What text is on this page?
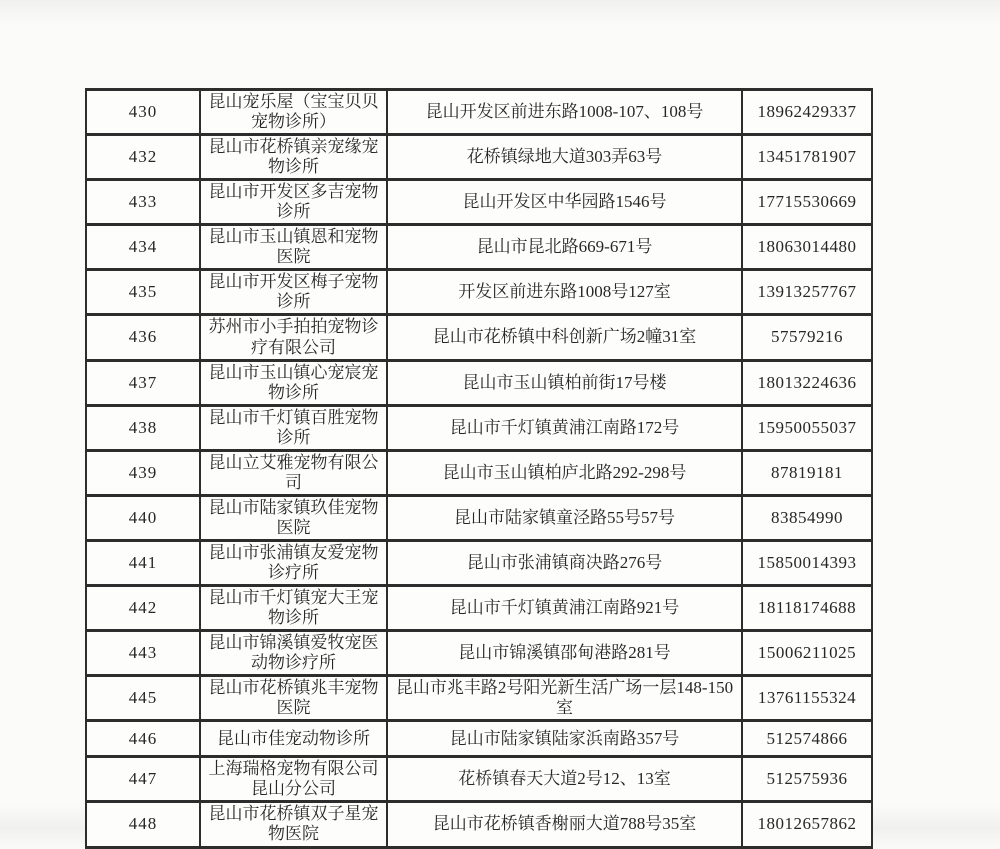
430	昆山宠乐屋（宝宝贝贝宠物诊所）	昆山开发区前进东路1008-107、108号	18962429337
432	昆山市花桥镇亲宠缘宠物诊所	花桥镇绿地大道303弄63号	13451781907
433	昆山市开发区多吉宠物诊所	昆山开发区中华园路1546号	17715530669
434	昆山市玉山镇恩和宠物医院	昆山市昆北路669-671号	18063014480
435	昆山市开发区梅子宠物诊所	开发区前进东路1008号127室	13913257767
436	苏州市小手拍拍宠物诊疗有限公司	昆山市花桥镇中科创新广场2幢31室	57579216
437	昆山市玉山镇心宠宸宠物诊所	昆山市玉山镇柏前街17号楼	18013224636
438	昆山市千灯镇百胜宠物诊所	昆山市千灯镇黄浦江南路172号	15950055037
439	昆山立艾雅宠物有限公司	昆山市玉山镇柏庐北路292-298号	87819181
440	昆山市陆家镇玖佳宠物医院	昆山市陆家镇童泾路55号57号	83854990
441	昆山市张浦镇友爱宠物诊疗所	昆山市张浦镇商决路276号	15850014393
442	昆山市千灯镇宠大王宠物诊所	昆山市千灯镇黄浦江南路921号	18118174688
443	昆山市锦溪镇爱牧宠医动物诊疗所	昆山市锦溪镇邵甸港路281号	15006211025
445	昆山市花桥镇兆丰宠物医院	昆山市兆丰路2号阳光新生活广场一层148-150室	13761155324
446	昆山市佳宠动物诊所	昆山市陆家镇陆家浜南路357号	512574866
447	上海瑞格宠物有限公司昆山分公司	花桥镇春天大道2号12、13室	512575936
448	昆山市花桥镇双子星宠物医院	昆山市花桥镇香榭丽大道788号35室	18012657862
